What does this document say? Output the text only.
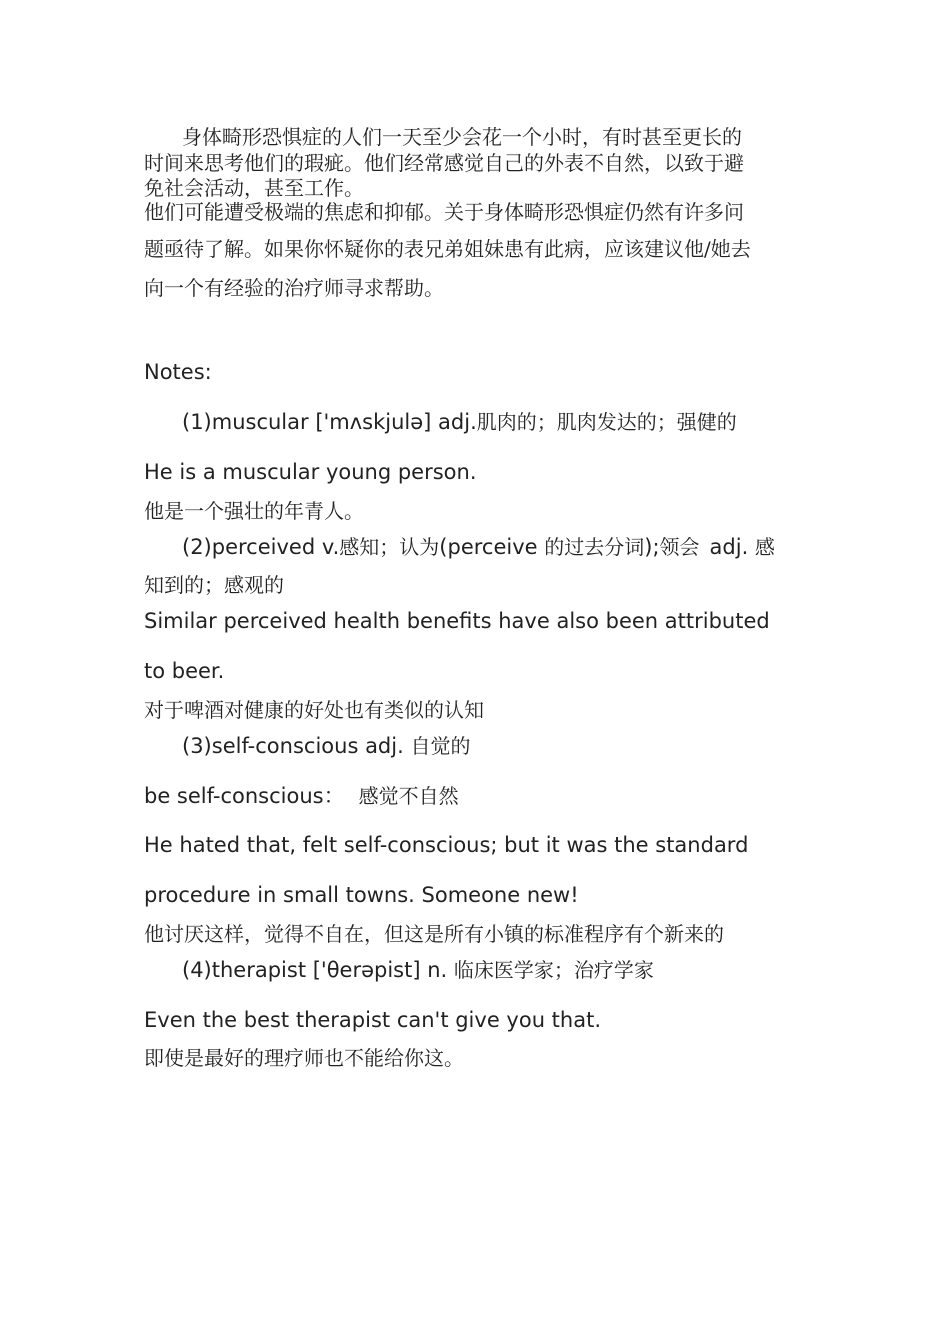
身体畸形恐惧症的人们一天至少会花一个小时，有时甚至更长的

时间来思考他们的瑕疵。他们经常感觉自己的外表不自然，以致于避

免社会活动，甚至工作。

他们可能遭受极端的焦虑和抑郁。关于身体畸形恐惧症仍然有许多问

题亟待了解。如果你怀疑你的表兄弟姐妹患有此病，应该建议他/她去

向一个有经验的治疗师寻求帮助。

Notes:

(1)muscular ['mʌskjulə] adj.肌肉的；肌肉发达的；强健的

He is a muscular young person.

他是一个强壮的年青人。

(2)perceived v.感知；认为(perceive 的过去分词);领会 adj. 感

知到的；感观的

Similar perceived health benefits have also been attributed

to beer.

对于啤酒对健康的好处也有类似的认知

(3)self-conscious adj. 自觉的

be self-conscious： 感觉不自然

He hated that, felt self-conscious; but it was the standard

procedure in small towns. Someone new!

他讨厌这样，觉得不自在，但这是所有小镇的标准程序有个新来的

(4)therapist ['θerəpist] n. 临床医学家；治疗学家

Even the best therapist can't give you that.

即使是最好的理疗师也不能给你这。
